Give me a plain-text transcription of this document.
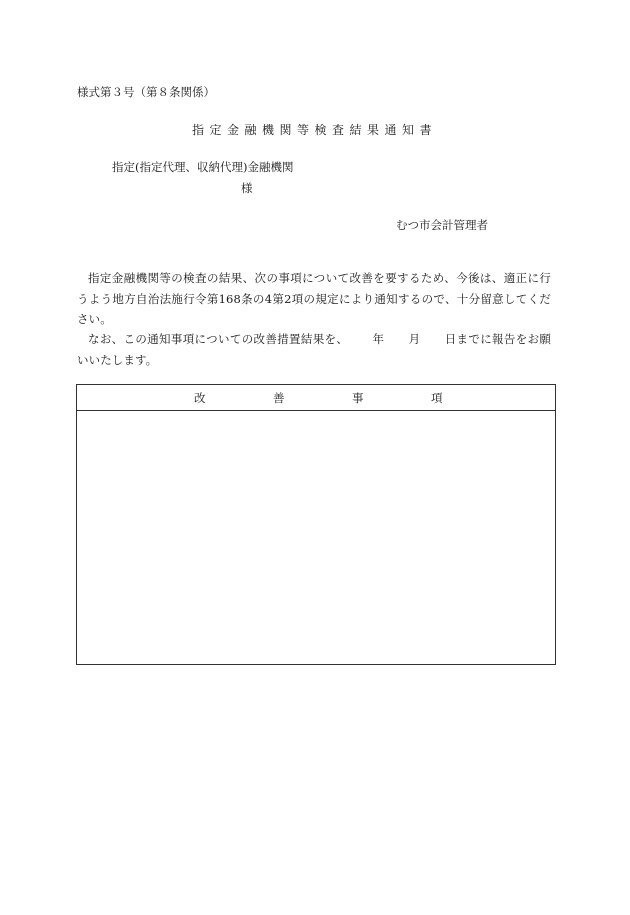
様式第３号（第８条関係）
指定金融機関等検査結果通知書
指定(指定代理、収納代理)金融機関
様
むつ市会計管理者
指定金融機関等の検査の結果、次の事項について改善を要するため、今後は、適正に行うよう地方自治法施行令第168条の4第2項の規定により通知するので、十分留意してください。
なお、この通知事項についての改善措置結果を、 年 月 日までに報告をお願いいたします。
改	善	事	項
